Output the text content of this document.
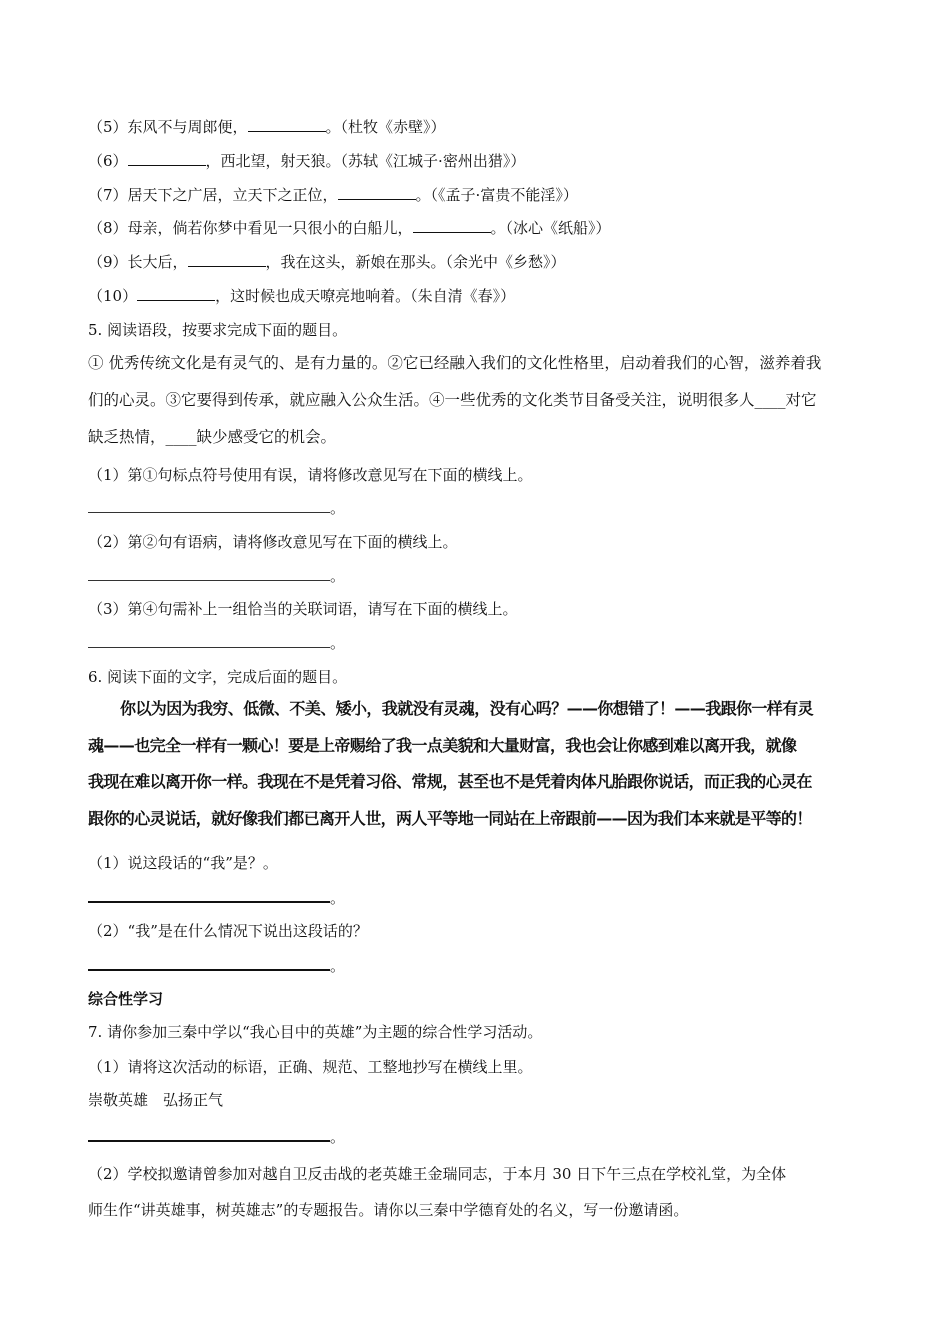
（5）东风不与周郎便，	。（杜牧《赤壁》）
（6）	，西北望，射天狼。（苏轼《江城子·密州出猎》）
（7）居天下之广居，立天下之正位，	。（《孟子·富贵不能淫》）
（8）母亲，倘若你梦中看见一只很小的白船儿，	。（冰心《纸船》）
（9）长大后，	，我在这头，新娘在那头。（余光中《乡愁》）
（10）	，这时候也成天嘹亮地响着。（朱自清《春》）
5. 阅读语段，按要求完成下面的题目。
① 优秀传统文化是有灵气的、是有力量的。②它已经融入我们的文化性格里，启动着我们的心智，滋养着我
们的心灵。③它要得到传承，就应融入公众生活。④一些优秀的文化类节目备受关注，说明很多人____对它
缺乏热情，____缺少感受它的机会。
（1）第①句标点符号使用有误，请将修改意见写在下面的横线上。
。
（2）第②句有语病，请将修改意见写在下面的横线上。
。
（3）第④句需补上一组恰当的关联词语，请写在下面的横线上。
。
6. 阅读下面的文字，完成后面的题目。
你以为因为我穷、低微、不美、矮小，我就没有灵魂，没有心吗？——你想错了！——我跟你一样有灵
魂——也完全一样有一颗心！要是上帝赐给了我一点美貌和大量财富，我也会让你感到难以离开我，就像
我现在难以离开你一样。我现在不是凭着习俗、常规，甚至也不是凭着肉体凡胎跟你说话，而正我的心灵在
跟你的心灵说话，就好像我们都已离开人世，两人平等地一同站在上帝跟前——因为我们本来就是平等的！
（1）说这段话的“我”是？。
。
（2）“我”是在什么情况下说出这段话的？
。
综合性学习
7. 请你参加三秦中学以“我心目中的英雄”为主题的综合性学习活动。
（1）请将这次活动的标语，正确、规范、工整地抄写在横线上里。
崇敬英雄　弘扬正气
。
（2）学校拟邀请曾参加对越自卫反击战的老英雄王金瑞同志，于本月 30 日下午三点在学校礼堂，为全体
师生作“讲英雄事，树英雄志”的专题报告。请你以三秦中学德育处的名义，写一份邀请函。
